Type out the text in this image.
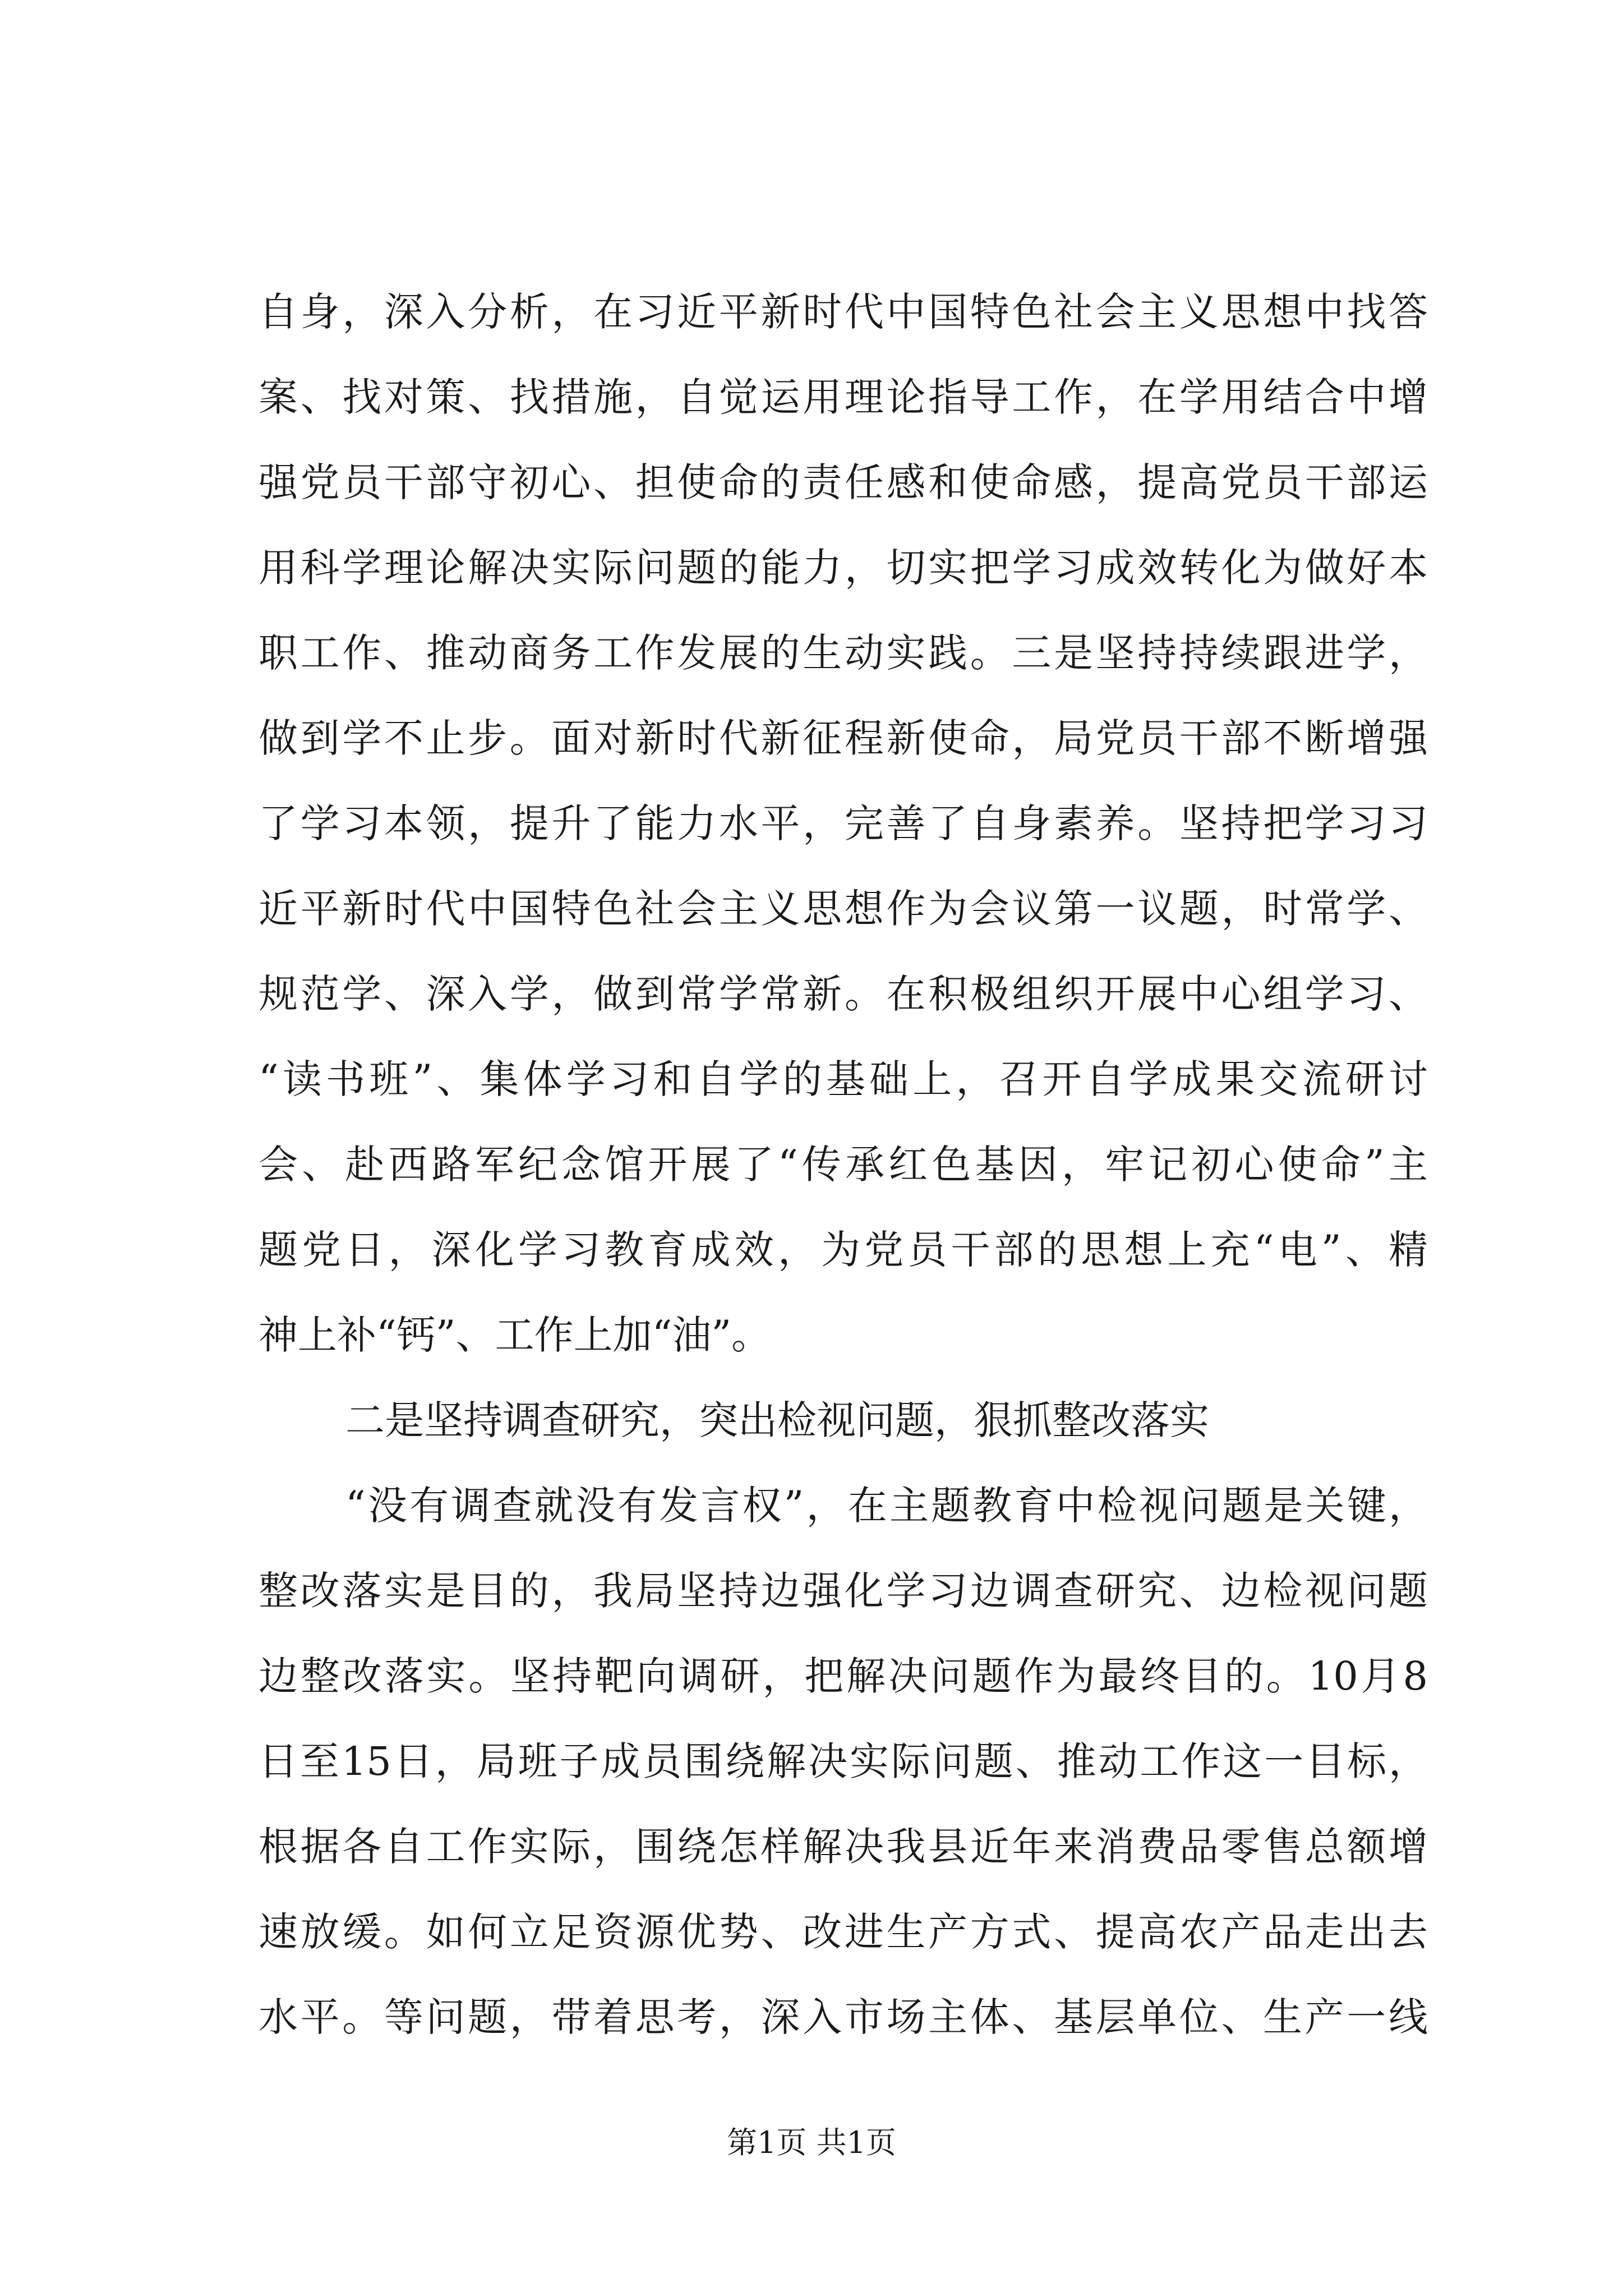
自身，深入分析，在习近平新时代中国特色社会主义思想中找答
案、找对策、找措施，自觉运用理论指导工作，在学用结合中增
强党员干部守初心、担使命的责任感和使命感，提高党员干部运
用科学理论解决实际问题的能力，切实把学习成效转化为做好本
职工作、推动商务工作发展的生动实践。三是坚持持续跟进学，
做到学不止步。面对新时代新征程新使命，局党员干部不断增强
了学习本领，提升了能力水平，完善了自身素养。坚持把学习习
近平新时代中国特色社会主义思想作为会议第一议题，时常学、
规范学、深入学，做到常学常新。在积极组织开展中心组学习、
“读书班”、集体学习和自学的基础上，召开自学成果交流研讨
会、赴西路军纪念馆开展了“传承红色基因，牢记初心使命”主
题党日，深化学习教育成效，为党员干部的思想上充“电”、精
神上补“钙”、工作上加“油”。
二是坚持调查研究，突出检视问题，狠抓整改落实
“没有调查就没有发言权”，在主题教育中检视问题是关键，
整改落实是目的，我局坚持边强化学习边调查研究、边检视问题
边整改落实。坚持靶向调研，把解决问题作为最终目的。10月8
日至15日，局班子成员围绕解决实际问题、推动工作这一目标，
根据各自工作实际，围绕怎样解决我县近年来消费品零售总额增
速放缓。如何立足资源优势、改进生产方式、提高农产品走出去
水平。等问题，带着思考，深入市场主体、基层单位、生产一线
第1页 共1页
